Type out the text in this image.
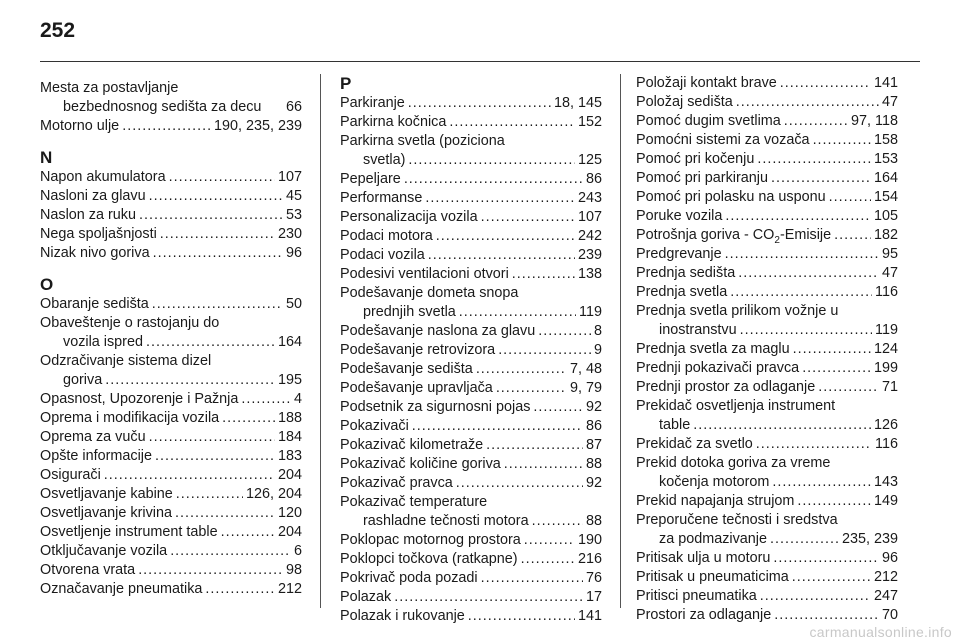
252
Mesta za postavljanje
bezbednosnog sedišta za decu 66
Motorno ulje .....	190, 235, 239
N
Napon akumulatora .....	107
Nasloni za glavu .....	45
Naslon za ruku .....	53
Nega spoljašnjosti .....	230
Nizak nivo goriva .....	96
O
Obaranje sedišta .....	50
Obaveštenje o rastojanju do
vozila ispred .....	164
Odzračivanje sistema dizel
goriva .....	195
Opasnost, Upozorenje i Pažnja .....	4
Oprema i modifikacija vozila .....	188
Oprema za vuču .....	184
Opšte informacije .....	183
Osigurači .....	204
Osvetljavanje kabine .....	126, 204
Osvetljavanje krivina .....	120
Osvetljenje instrument table .....	204
Otključavanje vozila .....	6
Otvorena vrata .....	98
Označavanje pneumatika .....	212
P
Parkiranje .....	18, 145
Parkirna kočnica .....	152
Parkirna svetla (poziciona
svetla) .....	125
Pepeljare .....	86
Performanse .....	243
Personalizacija vozila .....	107
Podaci motora .....	242
Podaci vozila .....	239
Podesivi ventilacioni otvori .....	138
Podešavanje dometa snopa
prednjih svetla .....	119
Podešavanje naslona za glavu .....	8
Podešavanje retrovizora .....	9
Podešavanje sedišta .....	7, 48
Podešavanje upravljača .....	9, 79
Podsetnik za sigurnosni pojas .....	92
Pokazivači .....	86
Pokazivač kilometraže .....	87
Pokazivač količine goriva .....	88
Pokazivač pravca .....	92
Pokazivač temperature
rashladne tečnosti motora .....	88
Poklopac motornog prostora .....	190
Poklopci točkova (ratkapne) .....	216
Pokrivač poda pozadi .....	76
Polazak .....	17
Polazak i rukovanje .....	141
Položaji kontakt brave .....	141
Položaj sedišta .....	47
Pomoć dugim svetlima .....	97, 118
Pomoćni sistemi za vozača .....	158
Pomoć pri kočenju .....	153
Pomoć pri parkiranju .....	164
Pomoć pri polasku na usponu .....	154
Poruke vozila .....	105
Potrošnja goriva - $CO_2$-Emisije .....	182
Predgrevanje .....	95
Prednja sedišta .....	47
Prednja svetla .....	116
Prednja svetla prilikom vožnje u
inostranstvu .....	119
Prednja svetla za maglu .....	124
Prednji pokazivači pravca .....	199
Prednji prostor za odlaganje .....	71
Prekidač osvetljenja instrument
table .....	126
Prekidač za svetlo .....	116
Prekid dotoka goriva za vreme
kočenja motorom .....	143
Prekid napajanja strujom .....	149
Preporučene tečnosti i sredstva
za podmazivanje .....	235, 239
Pritisak ulja u motoru .....	96
Pritisak u pneumaticima .....	212
Pritisci pneumatika .....	247
Prostori za odlaganje .....	70
carmanualsonline.info
